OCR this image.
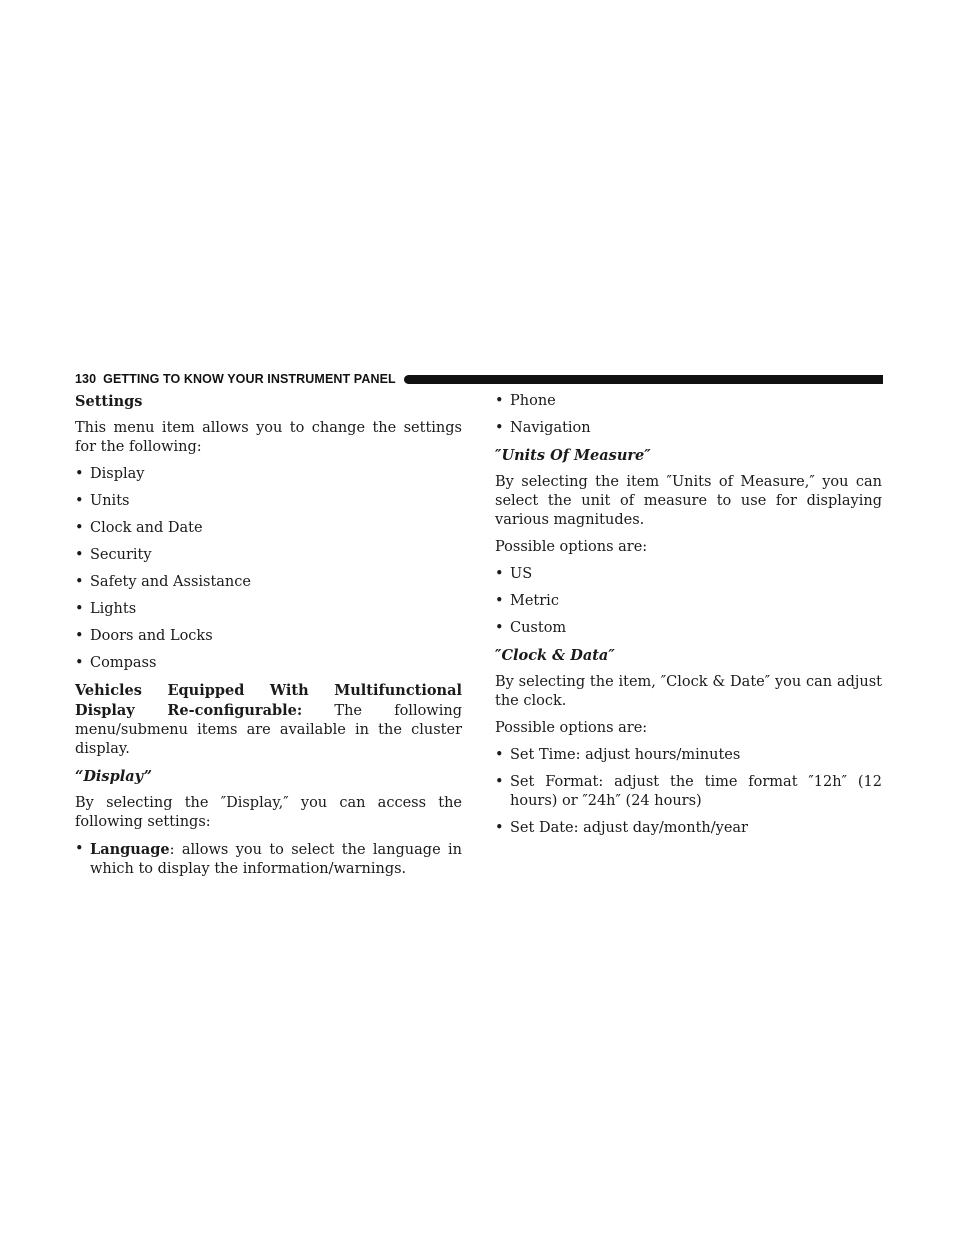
130 GETTING TO KNOW YOUR INSTRUMENT PANEL

Settings

This menu item allows you to change the settings for the following:

• Display
• Units
• Clock and Date
• Security
• Safety and Assistance
• Lights
• Doors and Locks
• Compass

Vehicles Equipped With Multifunctional Display Re-configurable: The following menu/submenu items are available in the cluster display.

“Display”

By selecting the ″Display,″ you can access the following settings:

• Language: allows you to select the language in which to display the information/warnings.
• Phone
• Navigation

″Units Of Measure″

By selecting the item ″Units of Measure,″ you can select the unit of measure to use for displaying various magnitudes.

Possible options are:

• US
• Metric
• Custom

″Clock & Data″

By selecting the item, ″Clock & Date″ you can adjust the clock.

Possible options are:

• Set Time: adjust hours/minutes
• Set Format: adjust the time format ″12h″ (12 hours) or ″24h″ (24 hours)
• Set Date: adjust day/month/year
